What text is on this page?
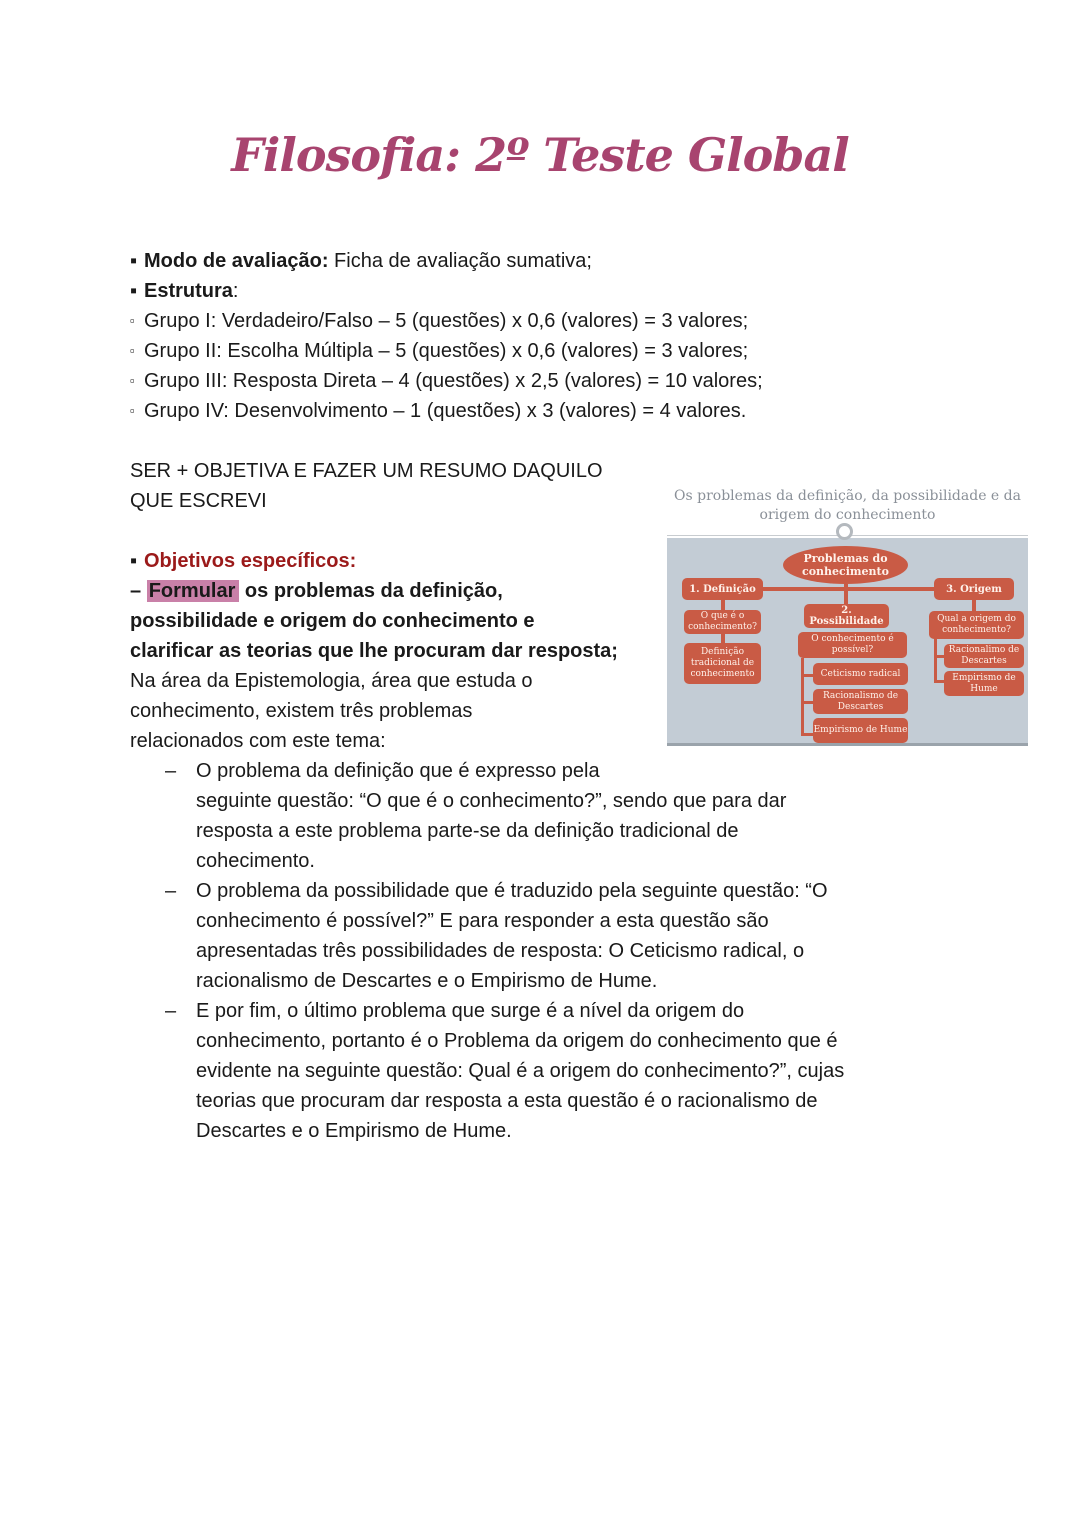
Filosofia: 2º Teste Global
▪ Modo de avaliação: Ficha de avaliação sumativa;
▪ Estrutura:
▫ Grupo I: Verdadeiro/Falso – 5 (questões) x 0,6 (valores) = 3 valores;
▫ Grupo II: Escolha Múltipla – 5 (questões) x 0,6 (valores) = 3 valores;
▫ Grupo III: Resposta Direta – 4 (questões) x 2,5 (valores) = 10 valores;
▫ Grupo IV: Desenvolvimento – 1 (questões) x 3 (valores) = 4 valores.
SER + OBJETIVA E FAZER UM RESUMO DAQUILO
QUE ESCREVI
▪ Objetivos específicos:
– Formular os problemas da definição,
possibilidade e origem do conhecimento e
clarificar as teorias que lhe procuram dar resposta;
Na área da Epistemologia, área que estuda o
conhecimento, existem três problemas
relacionados com este tema:
– O problema da definição que é expresso pela
seguinte questão: “O que é o conhecimento?”, sendo que para dar
resposta a este problema parte-se da definição tradicional de
cohecimento.
– O problema da possibilidade que é traduzido pela seguinte questão: “O
conhecimento é possível?” E para responder a esta questão são
apresentadas três possibilidades de resposta: O Ceticismo radical, o
racionalismo de Descartes e o Empirismo de Hume.
– E por fim, o último problema que surge é a nível da origem do
conhecimento, portanto é o Problema da origem do conhecimento que é
evidente na seguinte questão: Qual é a origem do conhecimento?”, cujas
teorias que procuram dar resposta a esta questão é o racionalismo de
Descartes e o Empirismo de Hume.
Os problemas da definição, da possibilidade e da
origem do conhecimento
Problemas do conhecimento
1. Definição
O que é o conhecimento?
Definição tradicional de conhecimento
2. Possibilidade
O conhecimento é possível?
Ceticismo radical
Racionalismo de Descartes
Empirismo de Hume
3. Origem
Qual a origem do conhecimento?
Racionalimo de Descartes
Empirismo de Hume
